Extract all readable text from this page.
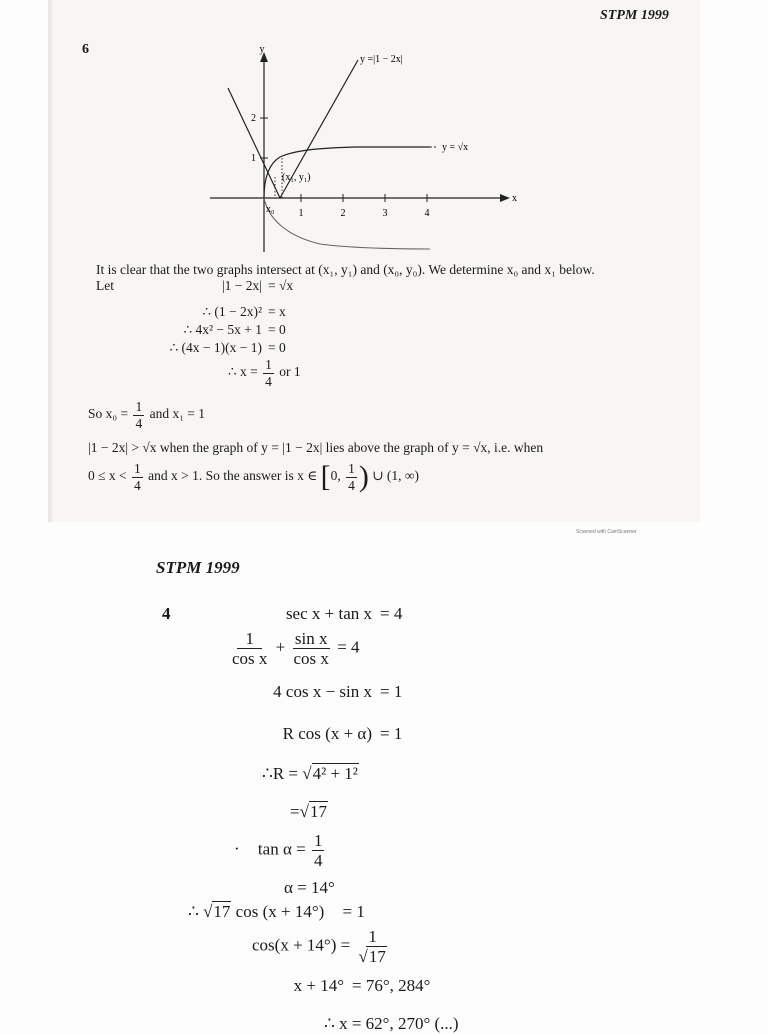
STPM 1999
6	y
x
y =|1 − 2x|
y = √x
(x₁, y₁)
x₀ 1	2	3	4
1
2
It is clear that the two graphs intersect at (x₁, y₁) and (x₀, y₀). We determine x₀ and x₁ below.
Let	|1 − 2x| = √x
∴ (1 − 2x)² = x
∴ 4x² − 5x + 1 = 0
∴ (4x − 1)(x − 1) = 0
∴ $x = \frac{1}{4}$ or 1
So $x_0 = \frac{1}{4}$ and x₁ = 1
|1 − 2x| > √x when the graph of y = |1 − 2x| lies above the graph of y = √x, i.e. when
$0 \le x < \frac{1}{4}$ and x > 1. So the answer is x ∈ [0, $\frac{1}{4}$ ) ∪ (1, ∞)
Scanned with CamScanner
STPM 1999
4	sec x + tan x = 4
$\frac{1}{\text{cos x}} + \frac{\text{sin x}}{\text{cos x}} = 4$
4 cos x − sin x = 1
R cos (x + α) = 1
∴R = √4² + 1²
=√17
· $\tan \alpha = \frac{1}{4}$
α = 14°
∴ √17 cos (x + 14°) = 1
$\cos(x + 14^\circ) = \frac{1}{√17}$
x + 14° = 76°, 284°
∴ x = 62°, 270° (...)
